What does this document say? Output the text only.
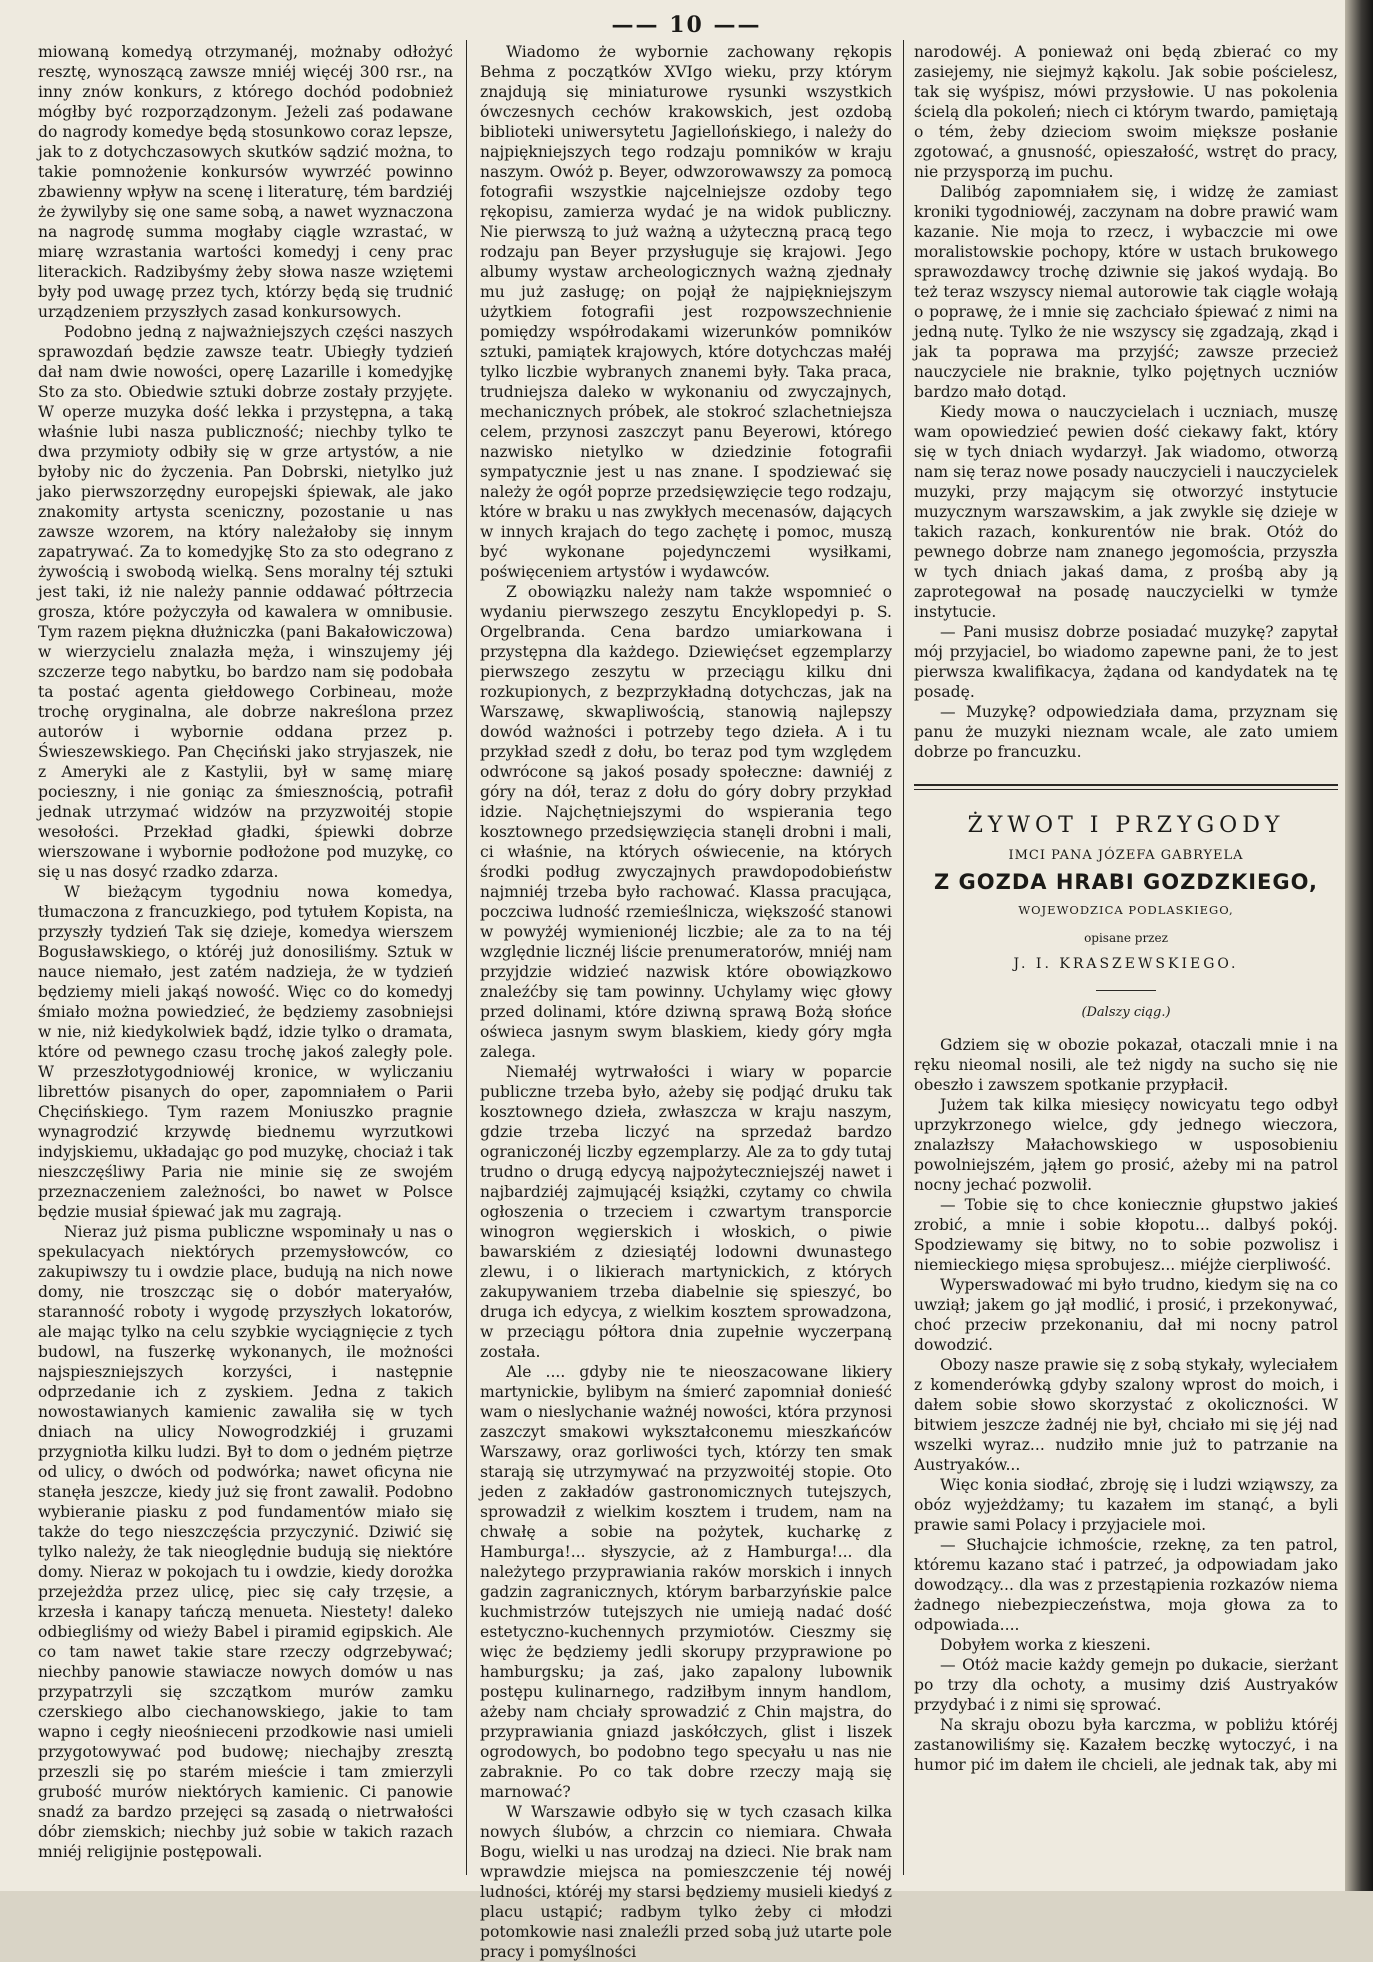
—— 10 ——

miowaną komedyą otrzymanéj, możnaby odłożyć resztę, wynoszącą zawsze mniéj więcéj 300 rsr., na inny znów konkurs, z którego dochód podobnież mógłby być rozporządzonym. Jeżeli zaś podawane do nagrody komedye będą stosunkowo coraz lepsze, jak to z dotychczasowych skutków sądzić można, to takie pomnożenie konkursów wywrzéć powinno zbawienny wpływ na scenę i literaturę, tém bardziéj że żywilyby się one same sobą, a nawet wyznaczona na nagrodę summa mogłaby ciągle wzrastać, w miarę wzrastania wartości komedyj i ceny prac literackich. Radzibyśmy żeby słowa nasze wziętemi były pod uwagę przez tych, którzy będą się trudnić urządzeniem przyszłych zasad konkursowych.

Podobno jedną z najważniejszych części naszych sprawozdań będzie zawsze teatr. Ubiegły tydzień dał nam dwie nowości, operę Lazarille i komedyjkę Sto za sto. Obiedwie sztuki dobrze zostały przyjęte. W operze muzyka dość lekka i przystępna, a taką właśnie lubi nasza publiczność; niechby tylko te dwa przymioty odbiły się w grze artystów, a nie byłoby nic do życzenia. Pan Dobrski, nietylko już jako pierwszorzędny europejski śpiewak, ale jako znakomity artysta sceniczny, pozostanie u nas zawsze wzorem, na który należałoby się innym zapatrywać. Za to komedyjkę Sto za sto odegrano z żywością i swobodą wielką. Sens moralny téj sztuki jest taki, iż nie należy pannie oddawać półtrzecia grosza, które pożyczyła od kawalera w omnibusie. Tym razem piękna dłużniczka (pani Bakałowiczowa) w wierzycielu znalazła męża, i winszujemy jéj szczerze tego nabytku, bo bardzo nam się podobała ta postać agenta giełdowego Corbineau, może trochę oryginalna, ale dobrze nakreślona przez autorów i wybornie oddana przez p. Świeszewskiego. Pan Chęciński jako stryjaszek, nie z Ameryki ale z Kastylii, był w samę miarę pocieszny, i nie goniąc za śmiesznością, potrafił jednak utrzymać widzów na przyzwoitéj stopie wesołości. Przekład gładki, śpiewki dobrze wierszowane i wybornie podłożone pod muzykę, co się u nas dosyć rzadko zdarza.

W bieżącym tygodniu nowa komedya, tłumaczona z francuzkiego, pod tytułem Kopista, na przyszły tydzień Tak się dzieje, komedya wierszem Bogusławskiego, o któréj już donosiliśmy. Sztuk w nauce niemało, jest zatém nadzieja, że w tydzień będziemy mieli jakąś nowość. Więc co do komedyj śmiało można powiedzieć, że będziemy zasobniejsi w nie, niż kiedykolwiek bądź, idzie tylko o dramata, które od pewnego czasu trochę jakoś zaległy pole. W przeszłotygodniowéj kronice, w wyliczaniu librettów pisanych do oper, zapomniałem o Parii Chęcińskiego. Tym razem Moniuszko pragnie wynagrodzić krzywdę biednemu wyrzutkowi indyjskiemu, układając go pod muzykę, chociaż i tak nieszczęśliwy Paria nie minie się ze swojém przeznaczeniem zależności, bo nawet w Polsce będzie musiał śpiewać jak mu zagrają.

Nieraz już pisma publiczne wspominały u nas o spekulacyach niektórych przemysłowców, co zakupiwszy tu i owdzie place, budują na nich nowe domy, nie troszcząc się o dobór materyałów, staranność roboty i wygodę przyszłych lokatorów, ale mając tylko na celu szybkie wyciągnięcie z tych budowl, na fuszerkę wykonanych, ile możności najspieszniejszych korzyści, i następnie odprzedanie ich z zyskiem. Jedna z takich nowostawianych kamienic zawaliła się w tych dniach na ulicy Nowogrodzkiéj i gruzami przygniotła kilku ludzi. Był to dom o jedném piętrze od ulicy, o dwóch od podwórka; nawet oficyna nie stanęła jeszcze, kiedy już się front zawalił. Podobno wybieranie piasku z pod fundamentów miało się także do tego nieszczęścia przyczynić. Dziwić się tylko należy, że tak nieoględnie budują się niektóre domy. Nieraz w pokojach tu i owdzie, kiedy dorożka przejeżdża przez ulicę, piec się cały trzęsie, a krzesła i kanapy tańczą menueta. Niestety! daleko odbiegliśmy od wieży Babel i piramid egipskich. Ale co tam nawet takie stare rzeczy odgrzebywać; niechby panowie stawiacze nowych domów u nas przypatrzyli się szczątkom murów zamku czerskiego albo ciechanowskiego, jakie to tam wapno i cegły nieośnieceni przodkowie nasi umieli przygotowywać pod budowę; niechajby zresztą przeszli się po starém mieście i tam zmierzyli grubość murów niektórych kamienic. Ci panowie snadź za bardzo przejęci są zasadą o nietrwałości dóbr ziemskich; niechby już sobie w takich razach mniéj religijnie postępowali.

Wiadomo że wybornie zachowany rękopis Behma z początków XVIgo wieku, przy którym znajdują się miniaturowe rysunki wszystkich ówczesnych cechów krakowskich, jest ozdobą biblioteki uniwersytetu Jagiellońskiego, i należy do najpiękniejszych tego rodzaju pomników w kraju naszym. Owóż p. Beyer, odwzorowawszy za pomocą fotografii wszystkie najcelniejsze ozdoby tego rękopisu, zamierza wydać je na widok publiczny. Nie pierwszą to już ważną a użyteczną pracą tego rodzaju pan Beyer przysługuje się krajowi. Jego albumy wystaw archeologicznych ważną zjednały mu już zasługę; on pojął że najpiękniejszym użytkiem fotografii jest rozpowszechnienie pomiędzy współrodakami wizerunków pomników sztuki, pamiątek krajowych, które dotychczas małéj tylko liczbie wybranych znanemi były. Taka praca, trudniejsza daleko w wykonaniu od zwyczajnych, mechanicznych próbek, ale stokroć szlachetniejsza celem, przynosi zaszczyt panu Beyerowi, którego nazwisko nietylko w dziedzinie fotografii sympatycznie jest u nas znane. I spodziewać się należy że ogół poprze przedsięwzięcie tego rodzaju, które w braku u nas zwykłych mecenasów, dających w innych krajach do tego zachętę i pomoc, muszą być wykonane pojedynczemi wysiłkami, poświęceniem artystów i wydawców.

Z obowiązku należy nam także wspomnieć o wydaniu pierwszego zeszytu Encyklopedyi p. S. Orgelbranda. Cena bardzo umiarkowana i przystępna dla każdego. Dziewięćset egzemplarzy pierwszego zeszytu w przeciągu kilku dni rozkupionych, z bezprzykładną dotychczas, jak na Warszawę, skwapliwością, stanowią najlepszy dowód ważności i potrzeby tego dzieła. A i tu przykład szedł z dołu, bo teraz pod tym względem odwrócone są jakoś posady społeczne: dawniéj z góry na dół, teraz z dołu do góry dobry przykład idzie. Najchętniejszymi do wspierania tego kosztownego przedsięwzięcia stanęli drobni i mali, ci właśnie, na których oświecenie, na których środki podług zwyczajnych prawdopodobieństw najmniéj trzeba było rachować. Klassa pracująca, poczciwa ludność rzemieślnicza, większość stanowi w powyżéj wymienionéj liczbie; ale za to na téj względnie licznéj liście prenumeratorów, mniéj nam przyjdzie widzieć nazwisk które obowiązkowo znaleźćby się tam powinny. Uchylamy więc głowy przed dolinami, które dziwną sprawą Bożą słońce oświeca jasnym swym blaskiem, kiedy góry mgła zalega.

Niemałéj wytrwałości i wiary w poparcie publiczne trzeba było, ażeby się podjąć druku tak kosztownego dzieła, zwłaszcza w kraju naszym, gdzie trzeba liczyć na sprzedaż bardzo ograniczonéj liczby egzemplarzy. Ale za to gdy tutaj trudno o drugą edycyą najpożyteczniejszéj nawet i najbardziéj zajmującéj książki, czytamy co chwila ogłoszenia o trzeciem i czwartym transporcie winogron węgierskich i włoskich, o piwie bawarskiém z dziesiątéj lodowni dwunastego zlewu, i o likierach martynickich, z których zakupywaniem trzeba diabelnie się spieszyć, bo druga ich edycya, z wielkim kosztem sprowadzona, w przeciągu półtora dnia zupełnie wyczerpaną została.

Ale .... gdyby nie te nieoszacowane likiery martynickie, bylibym na śmierć zapomniał donieść wam o nieslychanie ważnéj nowości, która przynosi zaszczyt smakowi wykształconemu mieszkańców Warszawy, oraz gorliwości tych, którzy ten smak starają się utrzymywać na przyzwoitéj stopie. Oto jeden z zakładów gastronomicznych tutejszych, sprowadził z wielkim kosztem i trudem, nam na chwałę a sobie na pożytek, kucharkę z Hamburga!... słyszycie, aż z Hamburga!... dla należytego przyprawiania raków morskich i innych gadzin zagranicznych, którym barbarzyńskie palce kuchmistrzów tutejszych nie umieją nadać dość estetyczno-kuchennych przymiotów. Cieszmy się więc że będziemy jedli skorupy przyprawione po hamburgsku; ja zaś, jako zapalony lubownik postępu kulinarnego, radziłbym innym handlom, ażeby nam chciały sprowadzić z Chin majstra, do przyprawiania gniazd jaskółczych, glist i liszek ogrodowych, bo podobno tego specyału u nas nie zabraknie. Po co tak dobre rzeczy mają się marnować?

W Warszawie odbyło się w tych czasach kilka nowych ślubów, a chrzcin co niemiara. Chwała Bogu, wielki u nas urodzaj na dzieci. Nie brak nam wprawdzie miejsca na pomieszczenie téj nowéj ludności, któréj my starsi będziemy musieli kiedyś z placu ustąpić; radbym tylko żeby ci młodzi potomkowie nasi znaleźli przed sobą już utarte pole pracy i pomyślności

narodowéj. A ponieważ oni będą zbierać co my zasiejemy, nie siejmyż kąkolu. Jak sobie pościelesz, tak się wyśpisz, mówi przysłowie. U nas pokolenia ścielą dla pokoleń; niech ci którym twardo, pamiętają o tém, żeby dzieciom swoim miększe posłanie zgotować, a gnusność, opieszałość, wstręt do pracy, nie przysporzą im puchu.

Dalibóg zapomniałem się, i widzę że zamiast kroniki tygodniowéj, zaczynam na dobre prawić wam kazanie. Nie moja to rzecz, i wybaczcie mi owe moralistowskie pochopy, które w ustach brukowego sprawozdawcy trochę dziwnie się jakoś wydają. Bo też teraz wszyscy niemal autorowie tak ciągle wołają o poprawę, że i mnie się zachciało śpiewać z nimi na jedną nutę. Tylko że nie wszyscy się zgadzają, zkąd i jak ta poprawa ma przyjść; zawsze przecież nauczyciele nie braknie, tylko pojętnych uczniów bardzo mało dotąd.

Kiedy mowa o nauczycielach i uczniach, muszę wam opowiedzieć pewien dość ciekawy fakt, który się w tych dniach wydarzył. Jak wiadomo, otworzą nam się teraz nowe posady nauczycieli i nauczycielek muzyki, przy mającym się otworzyć instytucie muzycznym warszawskim, a jak zwykle się dzieje w takich razach, konkurentów nie brak. Otóż do pewnego dobrze nam znanego jegomościa, przyszła w tych dniach jakaś dama, z prośbą aby ją zaprotegował na posadę nauczycielki w tymże instytucie.

— Pani musisz dobrze posiadać muzykę? zapytał mój przyjaciel, bo wiadomo zapewne pani, że to jest pierwsza kwalifikacya, żądana od kandydatek na tę posadę.

— Muzykę? odpowiedziała dama, przyznam się panu że muzyki nieznam wcale, ale zato umiem dobrze po francuzku.

ŻYWOT I PRZYGODY
IMCI PANA JÓZEFA GABRYELA
Z GOZDA HRABI GOZDZKIEGO,
WOJEWODZICA PODLASKIEGO,
opisane przez
J. I. KRASZEWSKIEGO.
(Dalszy ciąg.)

Gdziem się w obozie pokazał, otaczali mnie i na ręku nieomal nosili, ale też nigdy na sucho się nie obeszło i zawszem spotkanie przypłacił.

Jużem tak kilka miesięcy nowicyatu tego odbył uprzykrzonego wielce, gdy jednego wieczora, znalazłszy Małachowskiego w usposobieniu powolniejszém, jąłem go prosić, ażeby mi na patrol nocny jechać pozwolił.

— Tobie się to chce koniecznie głupstwo jakieś zrobić, a mnie i sobie kłopotu... dalbyś pokój. Spodziewamy się bitwy, no to sobie pozwolisz i niemieckiego mięsa sprobujesz... miéjże cierpliwość.

Wyperswadować mi było trudno, kiedym się na co uwziął; jakem go jął modlić, i prosić, i przekonywać, choć przeciw przekonaniu, dał mi nocny patrol dowodzić.

Obozy nasze prawie się z sobą stykały, wyleciałem z komenderówką gdyby szalony wprost do moich, i dałem sobie słowo skorzystać z okoliczności. W bitwiem jeszcze żadnéj nie był, chciało mi się jéj nad wszelki wyraz... nudziło mnie już to patrzanie na Austryaków...

Więc konia siodłać, zbroję się i ludzi wziąwszy, za obóz wyjeżdżamy; tu kazałem im stanąć, a byli prawie sami Polacy i przyjaciele moi.

— Słuchajcie ichmoście, rzeknę, za ten patrol, któremu kazano stać i patrzeć, ja odpowiadam jako dowodzący... dla was z przestąpienia rozkazów niema żadnego niebezpieczeństwa, moja głowa za to odpowiada....

Dobyłem worka z kieszeni.

— Otóż macie każdy gemejn po dukacie, sierżant po trzy dla ochoty, a musimy dziś Austryaków przydybać i z nimi się sprować.

Na skraju obozu była karczma, w pobliżu któréj zastanowiliśmy się. Kazałem beczkę wytoczyć, i na humor pić im dałem ile chcieli, ale jednak tak, aby mi
